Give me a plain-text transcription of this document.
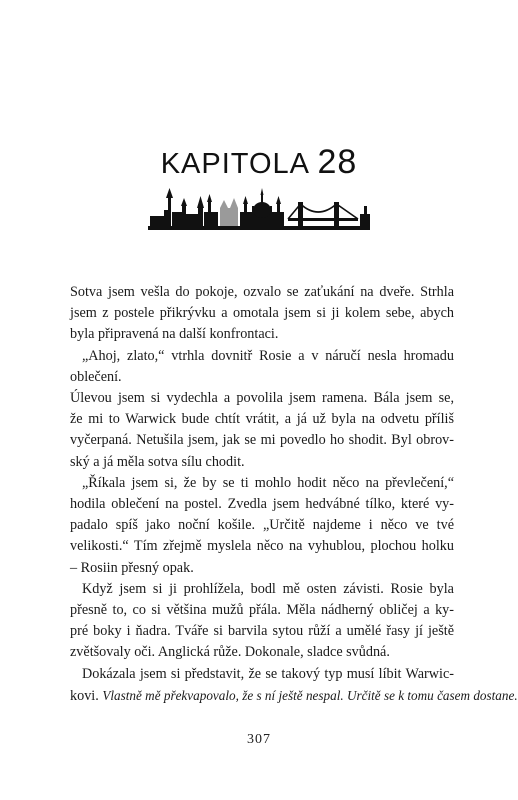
KAPITOLA 28

Sotva jsem vešla do pokoje, ozvalo se zaťukání na dveře. Strhla
jsem z postele přikrývku a omotala jsem si ji kolem sebe, abych
byla připravená na další konfrontaci.

„Ahoj, zlato,“ vtrhla dovnitř Rosie a v náručí nesla hromadu
oblečení.

Úlevou jsem si vydechla a povolila jsem ramena. Bála jsem se,
že mi to Warwick bude chtít vrátit, a já už byla na odvetu příliš
vyčerpaná. Netušila jsem, jak se mi povedlo ho shodit. Byl obrov-
ský a já měla sotva sílu chodit.

„Říkala jsem si, že by se ti mohlo hodit něco na převlečení,“
hodila oblečení na postel. Zvedla jsem hedvábné tílko, které vy-
padalo spíš jako noční košile. „Určitě najdeme i něco ve tvé
velikosti.“ Tím zřejmě myslela něco na vyhublou, plochou holku
– Rosiin přesný opak.

Když jsem si ji prohlížela, bodl mě osten závisti. Rosie byla
přesně to, co si většina mužů přála. Měla nádherný obličej a ky-
pré boky i ňadra. Tváře si barvila sytou růží a umělé řasy jí ještě
zvětšovaly oči. Anglická růže. Dokonale, sladce svůdná.

Dokázala jsem si představit, že se takový typ musí líbit Warwic-
kovi. Vlastně mě překvapovalo, že s ní ještě nespal. Určitě se k tomu časem dostane.

307
